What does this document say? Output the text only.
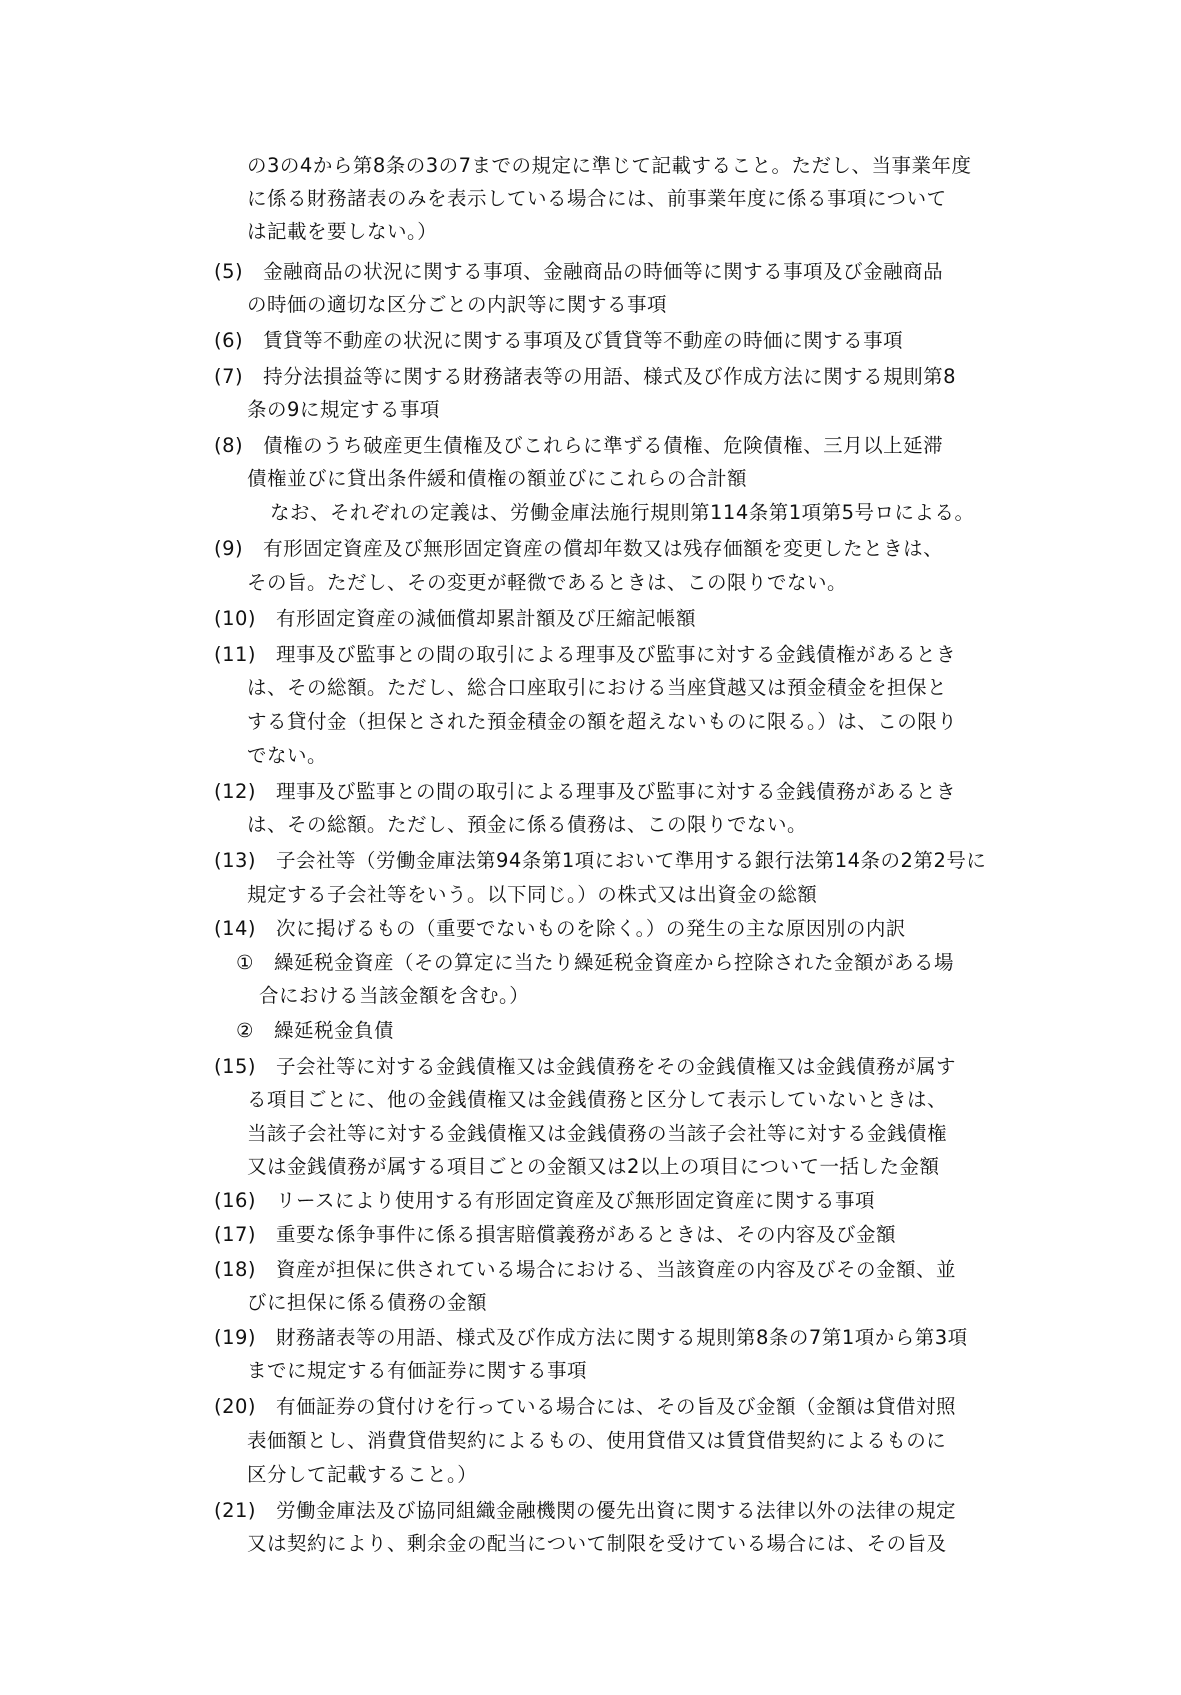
の3の4から第8条の3の7までの規定に準じて記載すること。ただし、当事業年度
に係る財務諸表のみを表示している場合には、前事業年度に係る事項について
は記載を要しない。）
(5)　金融商品の状況に関する事項、金融商品の時価等に関する事項及び金融商品
の時価の適切な区分ごとの内訳等に関する事項
(6)　賃貸等不動産の状況に関する事項及び賃貸等不動産の時価に関する事項
(7)　持分法損益等に関する財務諸表等の用語、様式及び作成方法に関する規則第8
条の9に規定する事項
(8)　債権のうち破産更生債権及びこれらに準ずる債権、危険債権、三月以上延滞
債権並びに貸出条件緩和債権の額並びにこれらの合計額
なお、それぞれの定義は、労働金庫法施行規則第114条第1項第5号ロによる。
(9)　有形固定資産及び無形固定資産の償却年数又は残存価額を変更したときは、
その旨。ただし、その変更が軽微であるときは、この限りでない。
(10)　有形固定資産の減価償却累計額及び圧縮記帳額
(11)　理事及び監事との間の取引による理事及び監事に対する金銭債権があるとき
は、その総額。ただし、総合口座取引における当座貸越又は預金積金を担保と
する貸付金（担保とされた預金積金の額を超えないものに限る。）は、この限り
でない。
(12)　理事及び監事との間の取引による理事及び監事に対する金銭債務があるとき
は、その総額。ただし、預金に係る債務は、この限りでない。
(13)　子会社等（労働金庫法第94条第1項において準用する銀行法第14条の2第2号に
規定する子会社等をいう。以下同じ。）の株式又は出資金の総額
(14)　次に掲げるもの（重要でないものを除く。）の発生の主な原因別の内訳
①　繰延税金資産（その算定に当たり繰延税金資産から控除された金額がある場
合における当該金額を含む。）
②　繰延税金負債
(15)　子会社等に対する金銭債権又は金銭債務をその金銭債権又は金銭債務が属す
る項目ごとに、他の金銭債権又は金銭債務と区分して表示していないときは、
当該子会社等に対する金銭債権又は金銭債務の当該子会社等に対する金銭債権
又は金銭債務が属する項目ごとの金額又は2以上の項目について一括した金額
(16)　リースにより使用する有形固定資産及び無形固定資産に関する事項
(17)　重要な係争事件に係る損害賠償義務があるときは、その内容及び金額
(18)　資産が担保に供されている場合における、当該資産の内容及びその金額、並
びに担保に係る債務の金額
(19)　財務諸表等の用語、様式及び作成方法に関する規則第8条の7第1項から第3項
までに規定する有価証券に関する事項
(20)　有価証券の貸付けを行っている場合には、その旨及び金額（金額は貸借対照
表価額とし、消費貸借契約によるもの、使用貸借又は賃貸借契約によるものに
区分して記載すること。）
(21)　労働金庫法及び協同組織金融機関の優先出資に関する法律以外の法律の規定
又は契約により、剰余金の配当について制限を受けている場合には、その旨及
